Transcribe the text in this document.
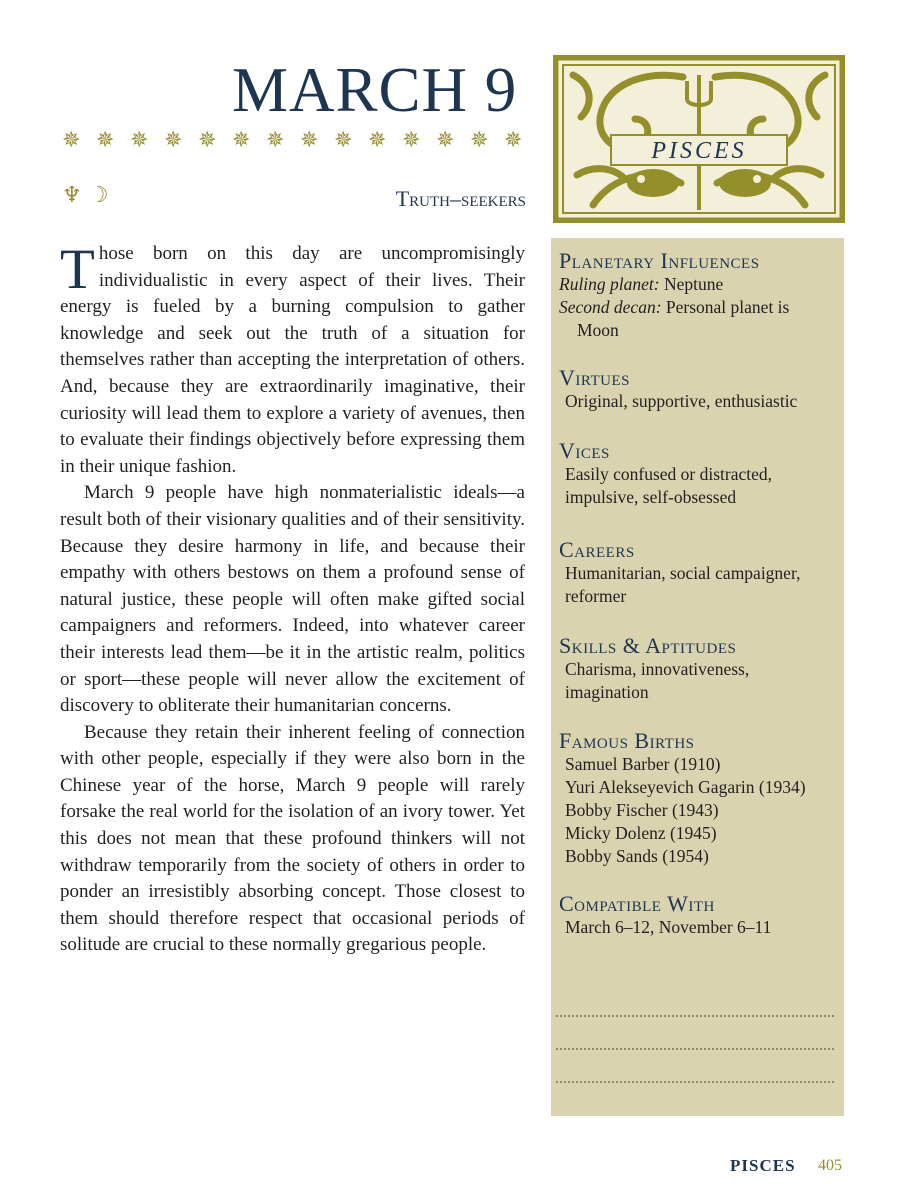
MARCH 9
✵ ✵ ✵ ✵ ✵ ✵ ✵ ✵ ✵ ✵ ✵ ✵ ✵ ✵
♆ ☽	Truth–seekers
PISCES

Those born on this day are uncompromisingly individualistic in every aspect of their lives. Their energy is fueled by a burning compulsion to gather knowledge and seek out the truth of a situation for themselves rather than accepting the interpretation of others. And, because they are extraordinarily imaginative, their curiosity will lead them to explore a variety of avenues, then to evaluate their findings objectively before expressing them in their unique fashion.

March 9 people have high nonmaterialistic ideals—a result both of their visionary qualities and of their sensitivity. Because they desire harmony in life, and because their empathy with others bestows on them a profound sense of natural justice, these people will often make gifted social campaigners and reformers. Indeed, into whatever career their interests lead them—be it in the artistic realm, politics or sport—these people will never allow the excitement of discovery to obliterate their humanitarian concerns.

Because they retain their inherent feeling of connection with other people, especially if they were also born in the Chinese year of the horse, March 9 people will rarely forsake the real world for the isolation of an ivory tower. Yet this does not mean that these profound thinkers will not withdraw temporarily from the society of others in order to ponder an irresistibly absorbing concept. Those closest to them should therefore respect that occasional periods of solitude are crucial to these normally gregarious people.

Planetary Influences
Ruling planet: Neptune
Second decan: Personal planet is
Moon
Virtues
Original, supportive, enthusiastic
Vices
Easily confused or distracted,
impulsive, self-obsessed
Careers
Humanitarian, social campaigner,
reformer
Skills & Aptitudes
Charisma, innovativeness,
imagination
Famous Births
Samuel Barber (1910)
Yuri Alekseyevich Gagarin (1934)
Bobby Fischer (1943)
Micky Dolenz (1945)
Bobby Sands (1954)
Compatible With
March 6–12, November 6–11
PISCES 405
